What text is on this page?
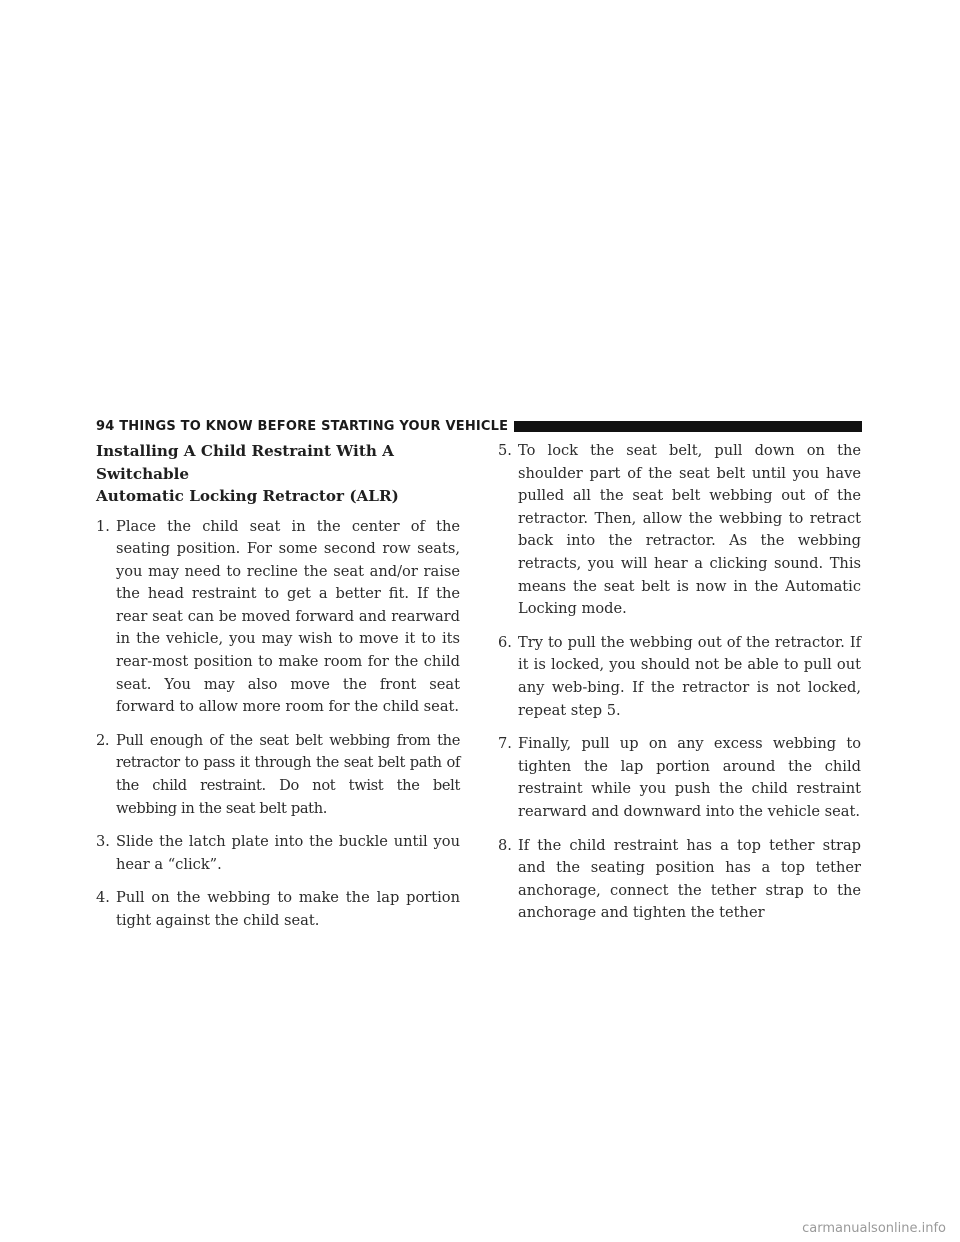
94 THINGS TO KNOW BEFORE STARTING YOUR VEHICLE
Installing A Child Restraint With A Switchable
Automatic Locking Retractor (ALR)
1. Place the child seat in the center of the seating position. For some second row seats, you may need to recline the seat and/or raise the head restraint to get a better fit. If the rear seat can be moved forward and rearward in the vehicle, you may wish to move it to its rear-most position to make room for the child seat. You may also move the front seat forward to allow more room for the child seat.
2. Pull enough of the seat belt webbing from the retractor to pass it through the seat belt path of the child restraint. Do not twist the belt webbing in the seat belt path.
3. Slide the latch plate into the buckle until you hear a “click”.
4. Pull on the webbing to make the lap portion tight against the child seat.
5. To lock the seat belt, pull down on the shoulder part of the seat belt until you have pulled all the seat belt webbing out of the retractor. Then, allow the webbing to retract back into the retractor. As the webbing retracts, you will hear a clicking sound. This means the seat belt is now in the Automatic Locking mode.
6. Try to pull the webbing out of the retractor. If it is locked, you should not be able to pull out any web-bing. If the retractor is not locked, repeat step 5.
7. Finally, pull up on any excess webbing to tighten the lap portion around the child restraint while you push the child restraint rearward and downward into the vehicle seat.
8. If the child restraint has a top tether strap and the seating position has a top tether anchorage, connect the tether strap to the anchorage and tighten the tether
carmanualsonline.info
